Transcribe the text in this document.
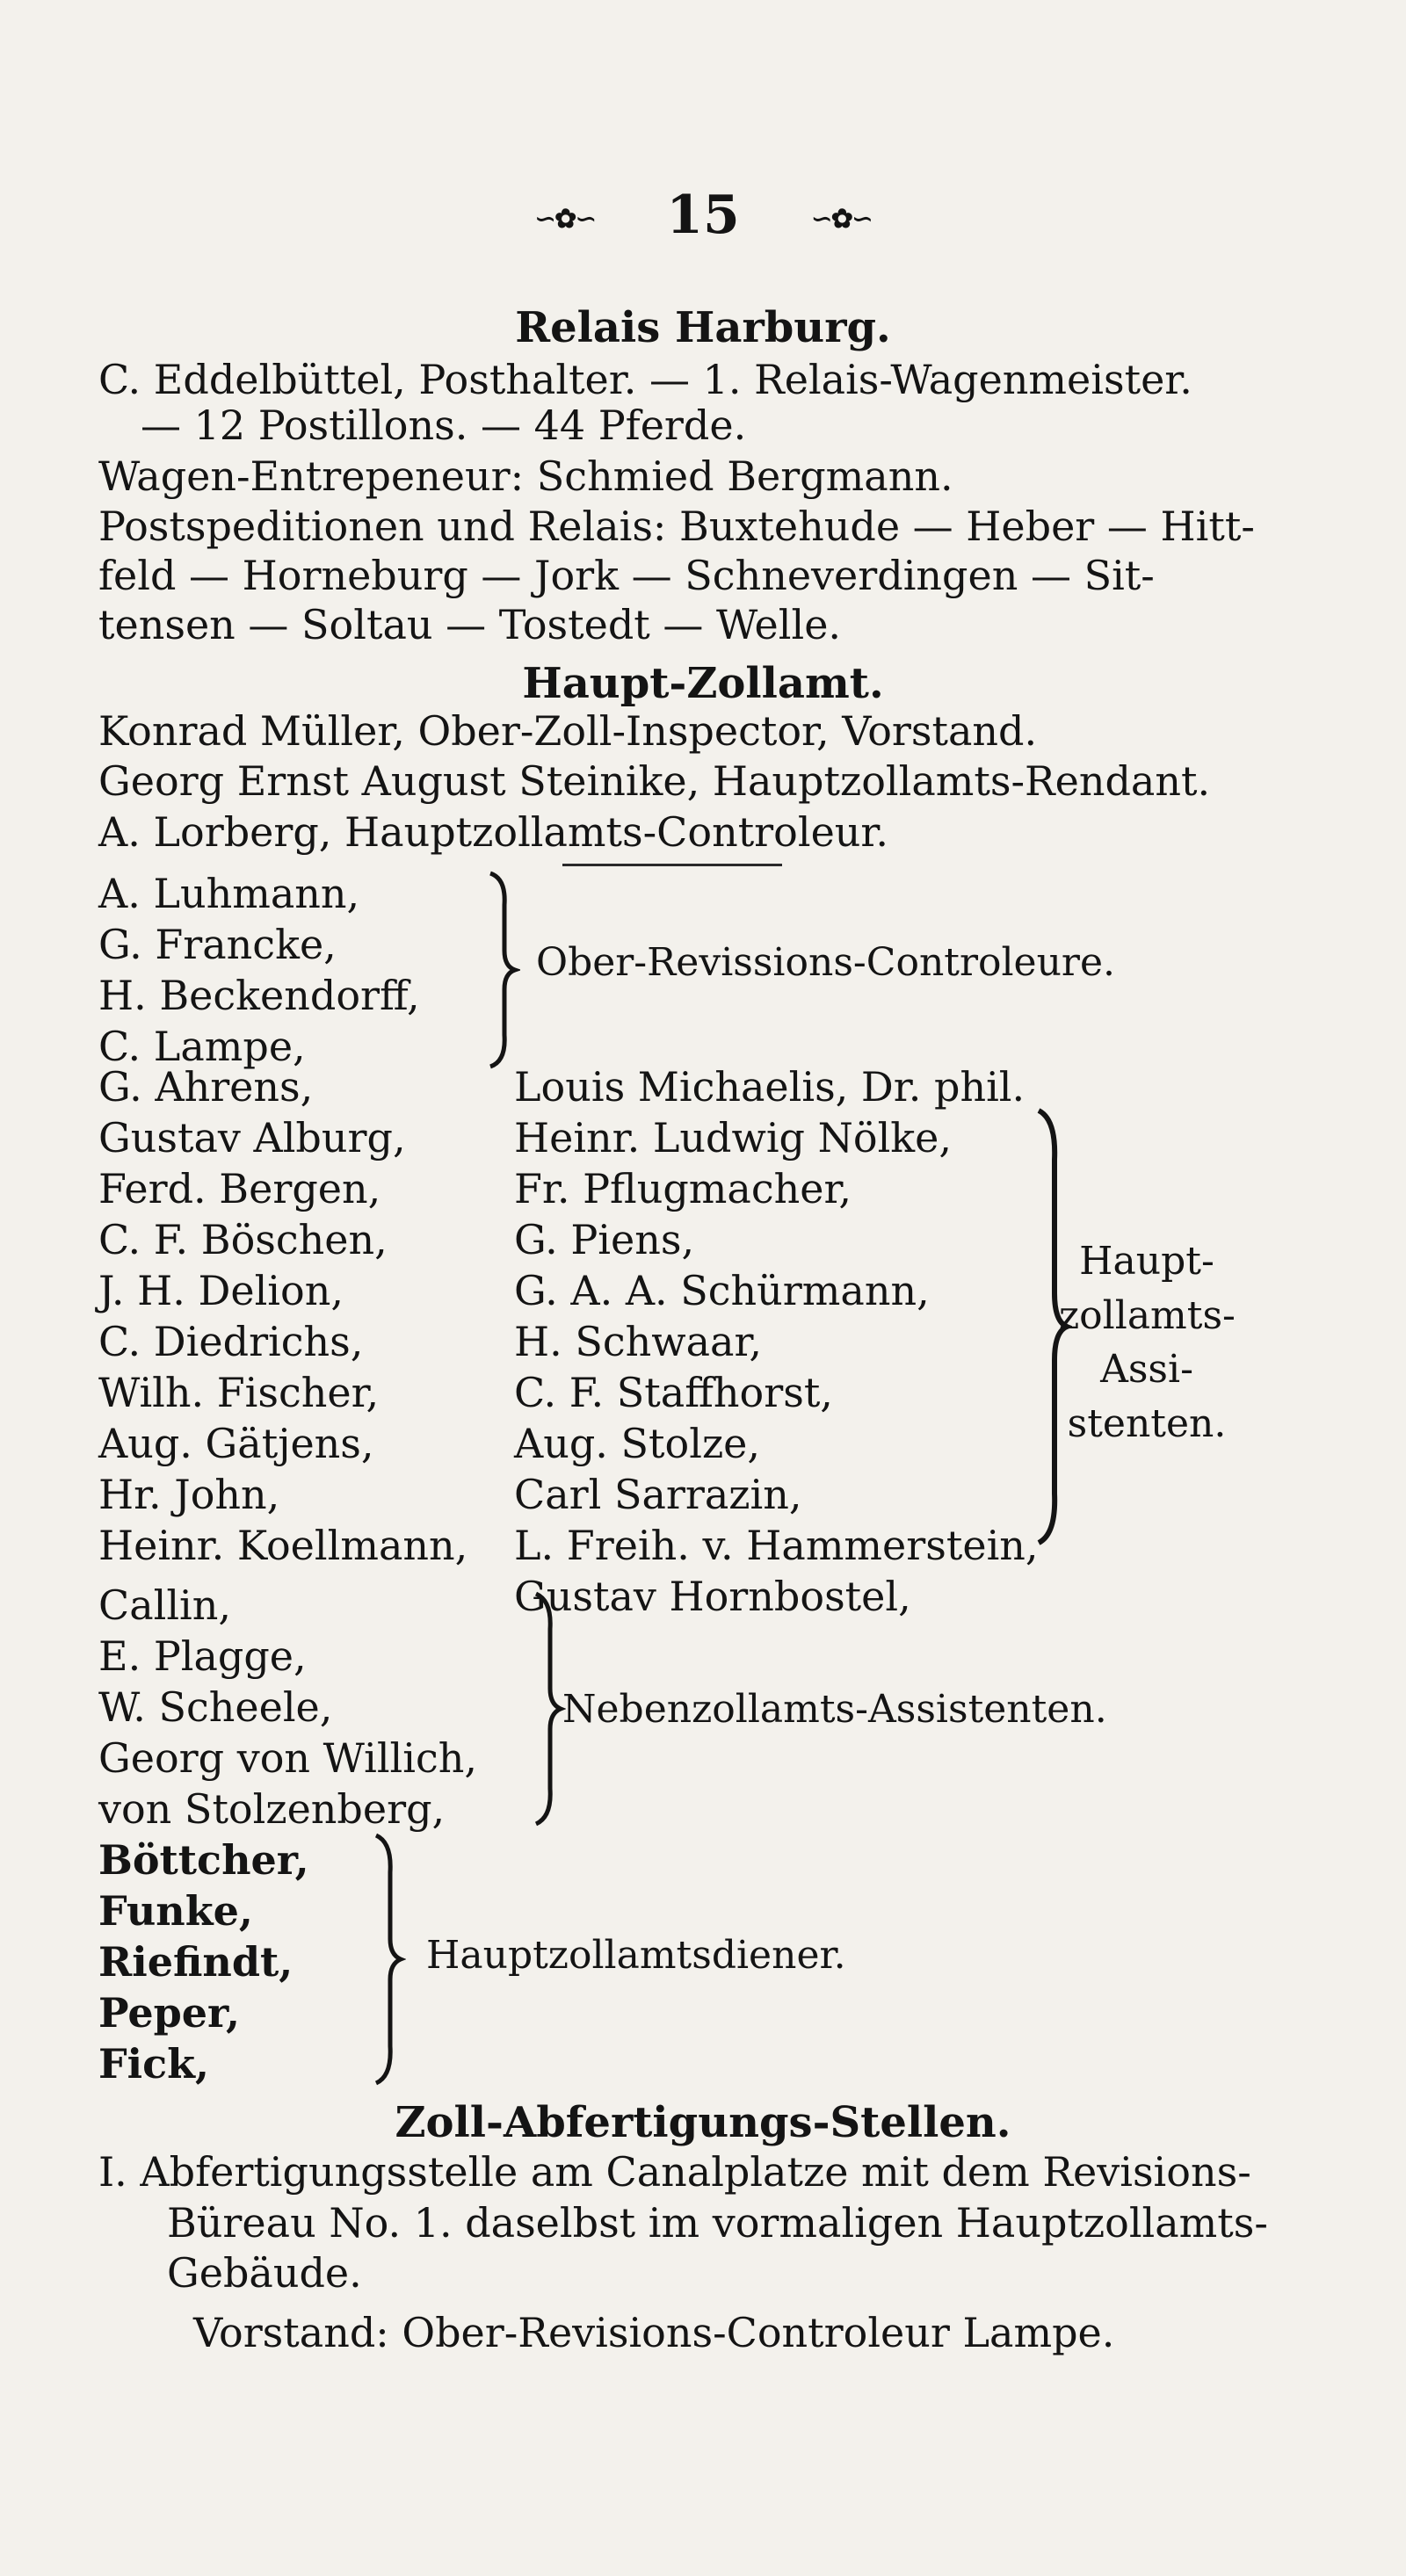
∽✿∽ 15	∽✿∽
Relais Harburg.
C. Eddelbüttel, Posthalter. — 1. Relais-Wagenmeister.
— 12 Postillons. — 44 Pferde.
Wagen-Entrepeneur: Schmied Bergmann.
Postspeditionen und Relais: Buxtehude — Heber — Hitt-
feld — Horneburg — Jork — Schneverdingen — Sit-
tensen — Soltau — Tostedt — Welle.
Haupt-Zollamt.
Konrad Müller, Ober-Zoll-Inspector, Vorstand.
Georg Ernst August Steinike, Hauptzollamts-Rendant.
A. Lorberg, Hauptzollamts-Controleur.
A. Luhmann,
G. Francke,
H. Beckendorff,
C. Lampe,
Ober-Revissions-Controleure.
G. Ahrens,
Gustav Alburg,
Ferd. Bergen,
C. F. Böschen,
J. H. Delion,
C. Diedrichs,
Wilh. Fischer,
Aug. Gätjens,
Hr. John,
Heinr. Koellmann,
Louis Michaelis, Dr. phil.
Heinr. Ludwig Nölke,
Fr. Pflugmacher,
G. Piens,
G. A. A. Schürmann,
H. Schwaar,
C. F. Staffhorst,
Aug. Stolze,
Carl Sarrazin,
L. Freih. v. Hammerstein,
Gustav Hornbostel,
Haupt-
zollamts-
Assi-
stenten.
Callin,
E. Plagge,
W. Scheele,
Georg von Willich,
von Stolzenberg,
Nebenzollamts-Assistenten.
Böttcher,
Funke,
Riefindt,
Peper,
Fick,
Hauptzollamtsdiener.
Zoll-Abfertigungs-Stellen.
I. Abfertigungsstelle am Canalplatze mit dem Revisions-
Büreau No. 1. daselbst im vormaligen Hauptzollamts-
Gebäude.
Vorstand: Ober-Revisions-Controleur Lampe.
